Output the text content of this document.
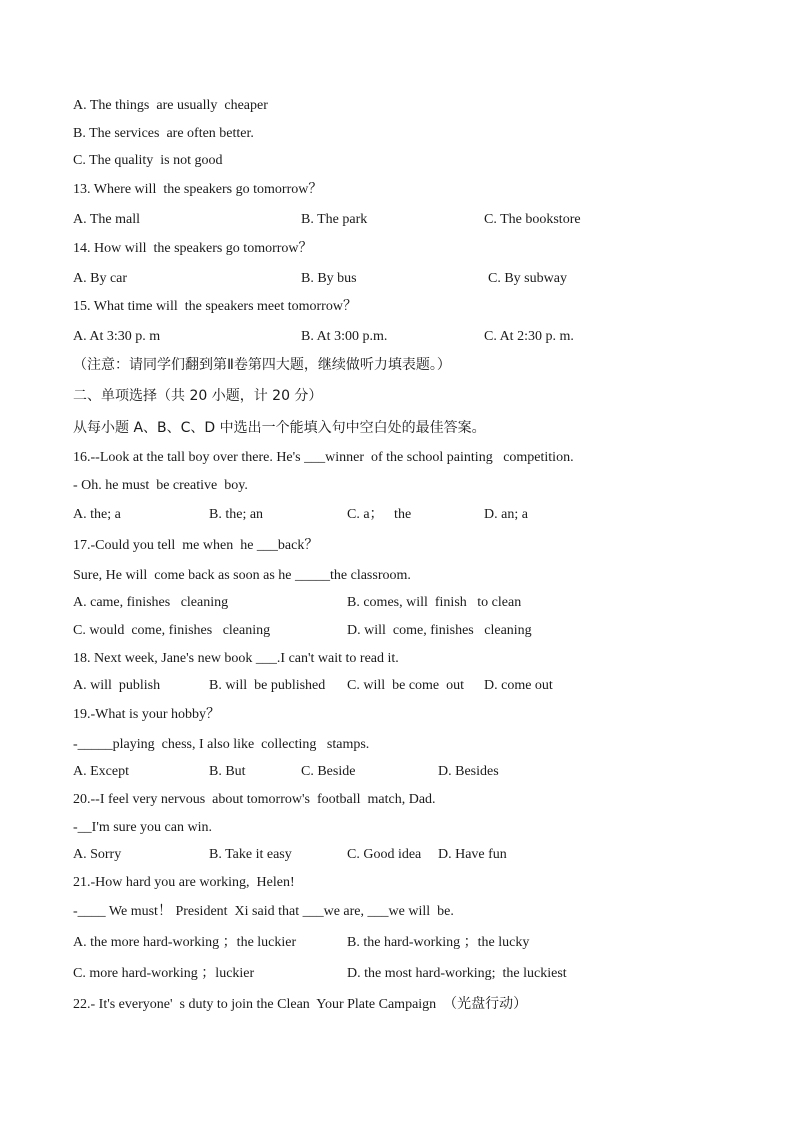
A. The things  are usually  cheaper
B. The services  are often better.
C. The quality  is not good
13. Where will  the speakers go tomorrow？
A. The mall	B. The park	C. The bookstore
14. How will  the speakers go tomorrow？
A. By car	B. By bus	C. By subway
15. What time will  the speakers meet tomorrow？
A. At 3:30 p. m	B. At 3:00 p.m.	C. At 2:30 p. m.
（注意：请同学们翻到第Ⅱ卷第四大题，继续做听力填表题。）
二、单项选择（共 20 小题，计 20 分）
从每小题 A、B、C、D 中选出一个能填入句中空白处的最佳答案。
16.--Look at the tall boy over there. He's ___winner  of the school painting   competition.
- Oh. he must  be creative  boy.
A. the; a	B. the; an	C. a；   the	D. an; a
17.-Could you tell  me when  he ___back？
Sure, He will  come back as soon as he _____the classroom.
A. came, finishes   cleaning	B. comes, will  finish   to clean
C. would  come, finishes   cleaning	D. will  come, finishes   cleaning
18. Next week, Jane's new book ___.I can't wait to read it.
A. will  publish	B. will  be published C. will  be come  out D. come out
19.-What is your hobby？
-_____playing  chess, I also like  collecting   stamps.
A. Except	B. But	C. Beside	D. Besides
20.--I feel very nervous  about tomorrow's  football  match, Dad.
-__I'm sure you can win.
A. Sorry	B. Take it easy	C. Good idea D. Have fun
21.-How hard you are working,  Helen!
-____ We must！ President  Xi said that ___we are, ___we will  be.
A. the more hard-working ；the luckier	B. the hard-working ；the lucky
C. more hard-working ；luckier	D. the most hard-working;  the luckiest
22.- It's everyone'  s duty to join the Clean  Your Plate Campaign  （光盘行动）
